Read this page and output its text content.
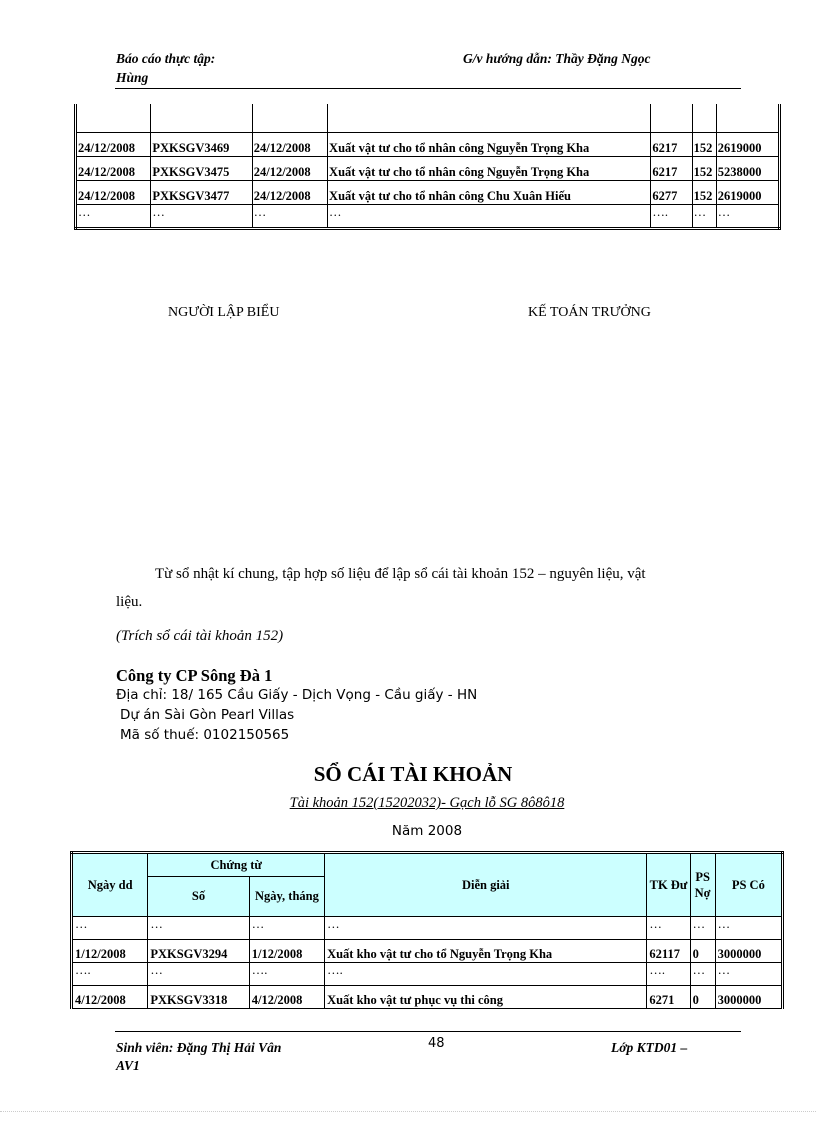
Báo cáo thực tập:
Hùng
G/v hướng dẫn: Thầy Đặng Ngọc

24/12/2008	PXKSGV3469	24/12/2008	Xuất vật tư cho tổ nhân công Nguyễn Trọng Kha	6217	152	2619000
24/12/2008	PXKSGV3475	24/12/2008	Xuất vật tư cho tổ nhân công Nguyễn Trọng Kha	6217	152	5238000
24/12/2008	PXKSGV3477	24/12/2008	Xuất vật tư cho tổ nhân công Chu Xuân Hiếu	6277	152	2619000
…	…	…	…	….	…	…
NGƯỜI LẬP BIỂU	KẾ TOÁN TRƯỞNG
Từ sổ nhật kí chung, tập hợp số liệu để lập sổ cái tài khoản 152 – nguyên liệu, vật
liệu.
(Trích sổ cái tài khoản 152)
Công ty CP Sông Đà 1
Địa chỉ: 18/ 165 Cầu Giấy - Dịch Vọng - Cầu giấy - HN
Dự án Sài Gòn Pearl Villas
Mã số thuế: 0102150565
SỔ CÁI TÀI KHOẢN
Tài khoản 152(15202032)- Gạch lỗ SG 8ô8ô18
Năm 2008
Ngày dd	Chứng từ		Diễn giải	TK Đư	PS Nợ	PS Có
	Số	Ngày, tháng				
…	…	…	…	…	…	…
1/12/2008	PXKSGV3294	1/12/2008	Xuất kho vật tư cho tổ Nguyễn Trọng Kha	62117	0	3000000
….	…	….	….	….	…	…
4/12/2008	PXKSGV3318	4/12/2008	Xuất kho vật tư phục vụ thi công	6271	0	3000000
Sinh viên: Đặng Thị Hải Vân
AV1
48	Lớp KTD01 –
